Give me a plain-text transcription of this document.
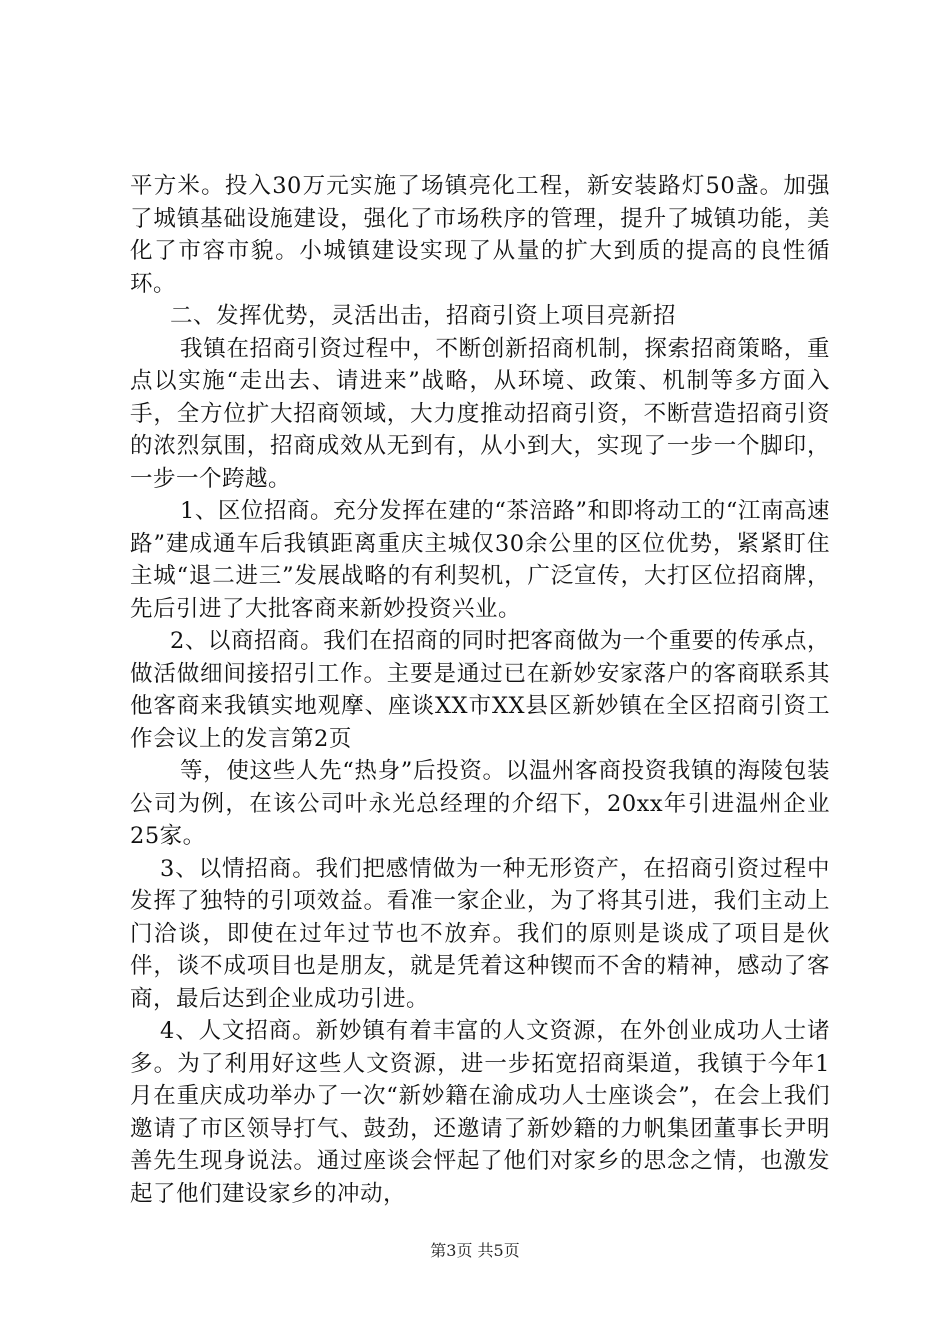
平方米。投入30万元实施了场镇亮化工程，新安装路灯50盏。加强了城镇基础设施建设，强化了市场秩序的管理，提升了城镇功能，美化了市容市貌。小城镇建设实现了从量的扩大到质的提高的良性循环。

二、发挥优势，灵活出击，招商引资上项目亮新招

我镇在招商引资过程中，不断创新招商机制，探索招商策略，重点以实施“走出去、请进来”战略，从环境、政策、机制等多方面入手，全方位扩大招商领域，大力度推动招商引资，不断营造招商引资的浓烈氛围，招商成效从无到有，从小到大，实现了一步一个脚印，一步一个跨越。

1、区位招商。充分发挥在建的“茶涪路”和即将动工的“江南高速路”建成通车后我镇距离重庆主城仅30余公里的区位优势，紧紧盯住主城“退二进三”发展战略的有利契机，广泛宣传，大打区位招商牌，先后引进了大批客商来新妙投资兴业。

2、以商招商。我们在招商的同时把客商做为一个重要的传承点，做活做细间接招引工作。主要是通过已在新妙安家落户的客商联系其他客商来我镇实地观摩、座谈XX市XX县区新妙镇在全区招商引资工作会议上的发言第2页

等，使这些人先“热身”后投资。以温州客商投资我镇的海陵包装公司为例，在该公司叶永光总经理的介绍下，20xx年引进温州企业25家。

3、以情招商。我们把感情做为一种无形资产，在招商引资过程中发挥了独特的引项效益。看准一家企业，为了将其引进，我们主动上门洽谈，即使在过年过节也不放弃。我们的原则是谈成了项目是伙伴，谈不成项目也是朋友，就是凭着这种锲而不舍的精神，感动了客商，最后达到企业成功引进。

4、人文招商。新妙镇有着丰富的人文资源，在外创业成功人士诸多。为了利用好这些人文资源，进一步拓宽招商渠道，我镇于今年1月在重庆成功举办了一次“新妙籍在渝成功人士座谈会”，在会上我们邀请了市区领导打气、鼓劲，还邀请了新妙籍的力帆集团董事长尹明善先生现身说法。通过座谈会怦起了他们对家乡的思念之情，也激发起了他们建设家乡的冲动，

第3页 共5页
